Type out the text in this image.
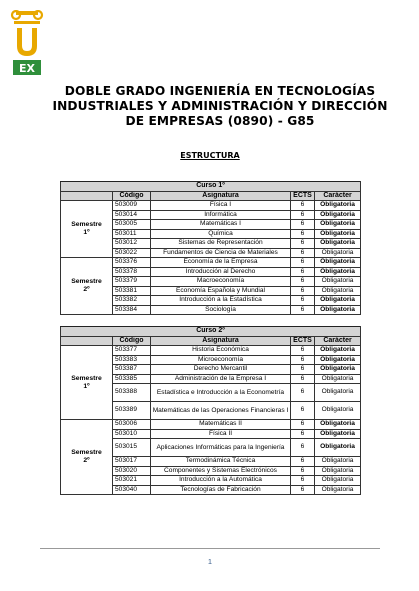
EX
DOBLE GRADO INGENIERÍA EN TECNOLOGÍAS
INDUSTRIALES Y ADMINISTRACIÓN Y DIRECCIÓN
DE EMPRESAS (0890) - G85
ESTRUCTURA
Curso 1º				
	Código	Asignatura	ECTS	Carácter
Semestre
1º	503009	Física I	6	Obligatoria
	503014	Informática	6	Obligatoria
	503005	Matemáticas I	6	Obligatoria
	503011	Química	6	Obligatoria
	503012	Sistemas de Representación	6	Obligatoria
	503022	Fundamentos de Ciencia de Materiales	6	Obligatoria
Semestre
2º	503376	Economía de la Empresa	6	Obligatoria
	503378	Introducción al Derecho	6	Obligatoria
	503379	Macroeconomía	6	Obligatoria
	503381	Economía Española y Mundial	6	Obligatoria
	503382	Introducción a la Estadística	6	Obligatoria
	503384	Sociología	6	Obligatoria
Curso 2º				
	Código	Asignatura	ECTS	Carácter
Semestre
1º	503377	Historia Económica	6	Obligatoria
	503383	Microeconomía	6	Obligatoria
	503387	Derecho Mercantil	6	Obligatoria
	503385	Administración de la Empresa I	6	Obligatoria
	503388	Estadística e Introducción a la Econometría	6	Obligatoria
	503389	Matemáticas de las Operaciones Financieras I	6	Obligatoria
Semestre
2º	503006	Matemáticas II	6	Obligatoria
	503010	Física II	6	Obligatoria
	503015	Aplicaciones Informáticas para la Ingeniería	6	Obligatoria
	503017	Termodinámica Técnica	6	Obligatoria
	503020	Componentes y Sistemas Electrónicos	6	Obligatoria
	503021	Introducción a la Automática	6	Obligatoria
	503040	Tecnologías de Fabricación	6	Obligatoria
1
